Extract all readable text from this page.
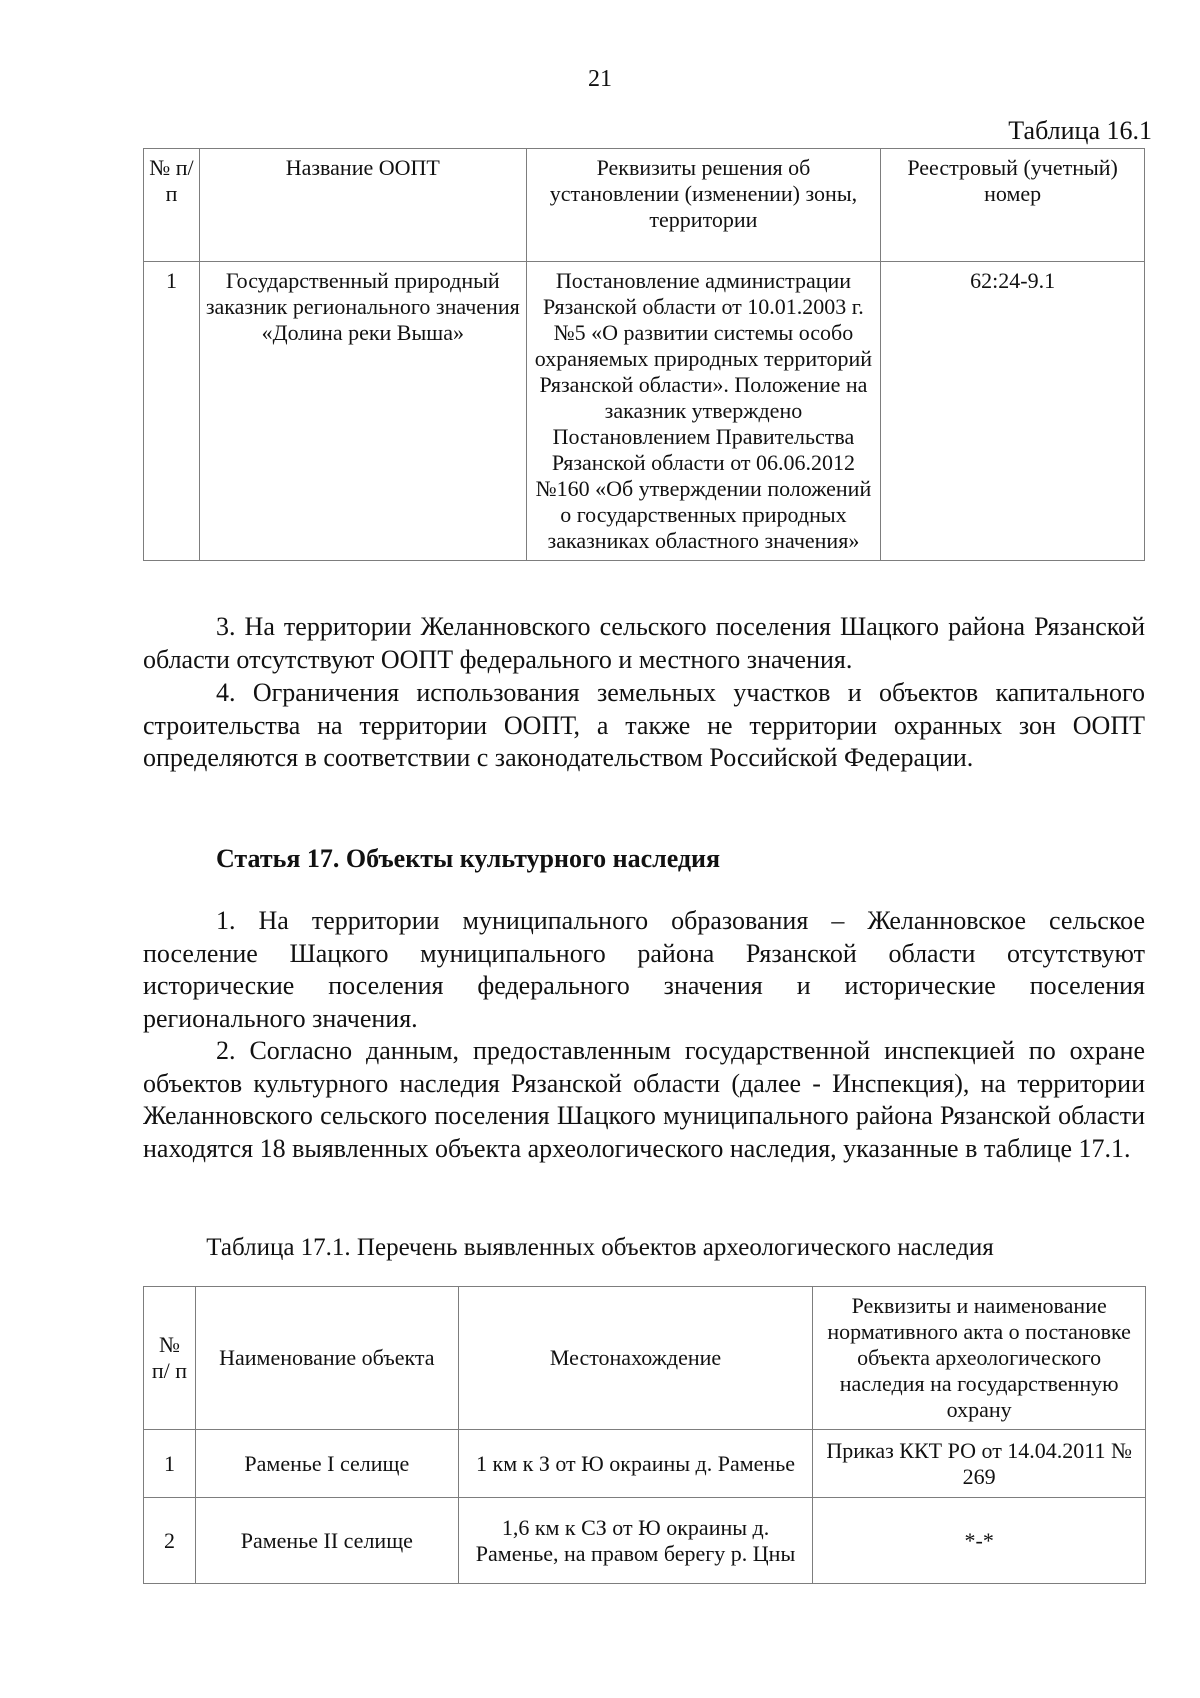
21
Таблица 16.1
№ п/п	Название ООПТ	Реквизиты решения об установлении (изменении) зоны, территории	Реестровый (учетный) номер
1	Государственный природный заказник регионального значения «Долина реки Выша»	Постановление администрации Рязанской области от 10.01.2003 г. №5 «О развитии системы особо охраняемых природных территорий Рязанской области». Положение на заказник утверждено Постановлением Правительства Рязанской области от 06.06.2012 №160 «Об утверждении положений о государственных природных заказниках областного значения»	62:24-9.1

3. На территории Желанновского сельского поселения Шацкого района Рязанской области отсутствуют ООПТ федерального и местного значения.

4. Ограничения использования земельных участков и объектов капитального строительства на территории ООПТ, а также не территории охранных зон ООПТ определяются в соответствии с законодательством Российской Федерации.

Статья 17. Объекты культурного наследия

1. На территории муниципального образования – Желанновское сельское поселение Шацкого муниципального района Рязанской области отсутствуют исторические поселения федерального значения и исторические поселения регионального значения.

2. Согласно данным, предоставленным государственной инспекцией по охране объектов культурного наследия Рязанской области (далее - Инспекция), на территории Желанновского сельского поселения Шацкого муниципального района Рязанской области находятся 18 выявленных объекта археологического наследия, указанные в таблице 17.1.

Таблица 17.1. Перечень выявленных объектов археологического наследия
№ п/ п	Наименование объекта	Местонахождение	Реквизиты и наименование нормативного акта о постановке объекта археологического наследия на государственную охрану
1	Раменье I селище	1 км к З от Ю окраины д. Раменье	Приказ ККТ РО от 14.04.2011 № 269
2	Раменье II селище	1,6 км к СЗ от Ю окраины д. Раменье, на правом берегу р. Цны	*-*
